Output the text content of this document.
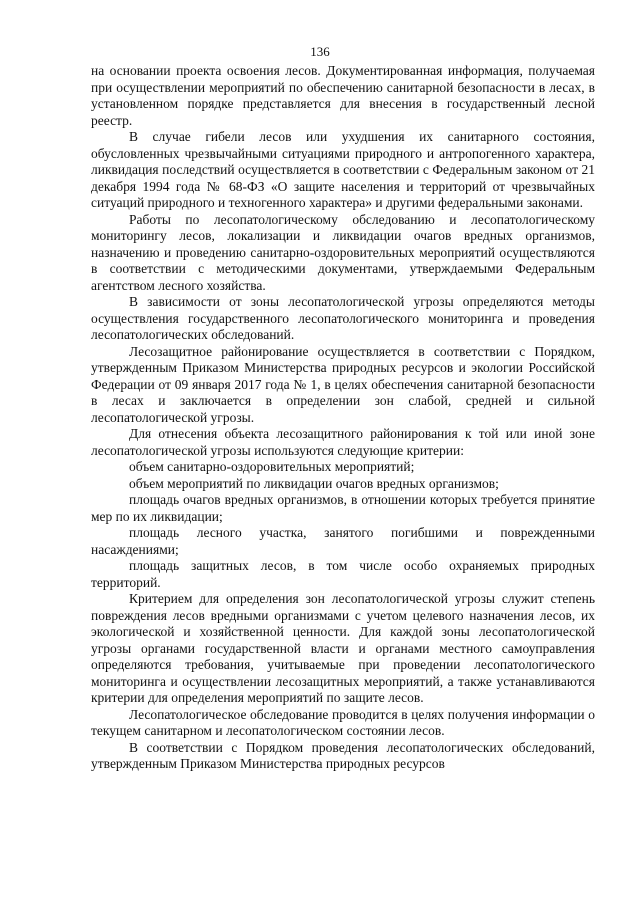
136

на основании проекта освоения лесов. Документированная информация, получаемая при осуществлении мероприятий по обеспечению санитарной безопасности в лесах, в установленном порядке представляется для внесения в государственный лесной реестр.

В случае гибели лесов или ухудшения их санитарного состояния, обусловленных чрезвычайными ситуациями природного и антропогенного характера, ликвидация последствий осуществляется в соответствии с Федеральным законом от 21 декабря 1994 года № 68-ФЗ «О защите населения и территорий от чрезвычайных ситуаций природного и техногенного характера» и другими федеральными законами.

Работы по лесопатологическому обследованию и лесопатологическому мониторингу лесов, локализации и ликвидации очагов вредных организмов, назначению и проведению санитарно-оздоровительных мероприятий осуществляются в соответствии с методическими документами, утверждаемыми Федеральным агентством лесного хозяйства.

В зависимости от зоны лесопатологической угрозы определяются методы осуществления государственного лесопатологического мониторинга и проведения лесопатологических обследований.

Лесозащитное районирование осуществляется в соответствии с Порядком, утвержденным Приказом Министерства природных ресурсов и экологии Российской Федерации от 09 января 2017 года № 1, в целях обеспечения санитарной безопасности в лесах и заключается в определении зон слабой, средней и сильной лесопатологической угрозы.

Для отнесения объекта лесозащитного районирования к той или иной зоне лесопатологической угрозы используются следующие критерии:

объем санитарно-оздоровительных мероприятий;

объем мероприятий по ликвидации очагов вредных организмов;

площадь очагов вредных организмов, в отношении которых требуется принятие мер по их ликвидации;

площадь лесного участка, занятого погибшими и поврежденными насаждениями;

площадь защитных лесов, в том числе особо охраняемых природных территорий.

Критерием для определения зон лесопатологической угрозы служит степень повреждения лесов вредными организмами с учетом целевого назначения лесов, их экологической и хозяйственной ценности. Для каждой зоны лесопатологической угрозы органами государственной власти и органами местного самоуправления определяются требования, учитываемые при проведении лесопатологического мониторинга и осуществлении лесозащитных мероприятий, а также устанавливаются критерии для определения мероприятий по защите лесов.

Лесопатологическое обследование проводится в целях получения информации о текущем санитарном и лесопатологическом состоянии лесов.

В соответствии с Порядком проведения лесопатологических обследований, утвержденным Приказом Министерства природных ресурсов
